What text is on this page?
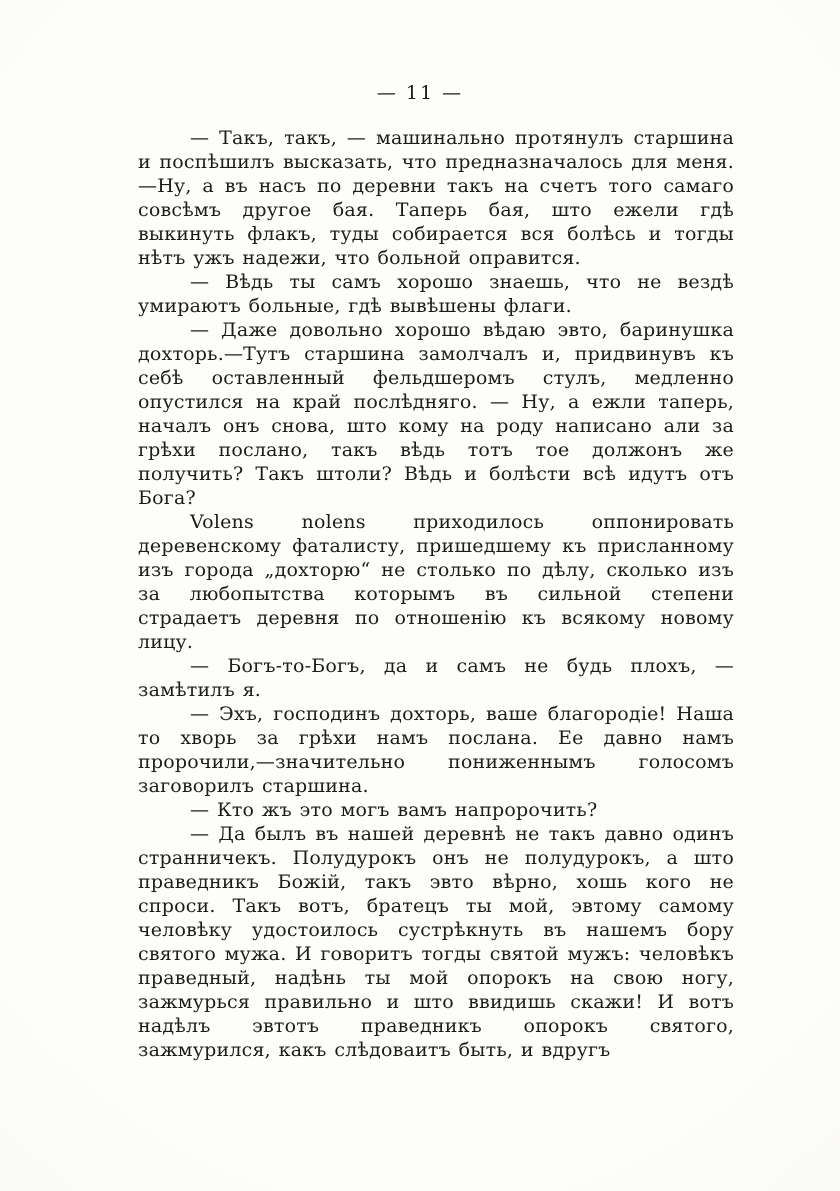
— 11 —

— Такъ, такъ, — машинально протянулъ старшина и поспѣшилъ высказать, что предназначалось для меня.—Ну, а въ насъ по деревни такъ на счетъ того самаго совсѣмъ другое бая. Таперь бая, што ежели гдѣ выкинуть флакъ, туды собирается вся болѣсь и тогды нѣтъ ужъ надежи, что больной оправится.

— Вѣдь ты самъ хорошо знаешь, что не вездѣ умираютъ больные, гдѣ вывѣшены флаги.

— Даже довольно хорошо вѣдаю эвто, баринушка дохторь.—Тутъ старшина замолчалъ и, придвинувъ къ себѣ оставленный фельдшеромъ стулъ, медленно опустился на край послѣдняго. — Ну, а ежли таперь, началъ онъ снова, што кому на роду написано али за грѣхи послано, такъ вѣдь тотъ тое должонъ же получить? Такъ штоли? Вѣдь и болѣсти всѣ идутъ отъ Бога?

Volens nolens приходилось оппонировать деревенскому фаталисту, пришедшему къ присланному изъ города „дохторю“ не столько по дѣлу, сколько изъ за любопытства которымъ въ сильной степени страдаетъ деревня по отношенію къ всякому новому лицу.

— Богъ-то-Богъ, да и самъ не будь плохъ, — замѣтилъ я.

— Эхъ, господинъ дохторь, ваше благородіе! Наша то хворь за грѣхи намъ послана. Ее давно намъ пророчили,—значительно пониженнымъ голосомъ заговорилъ старшина.

— Кто жъ это могъ вамъ напророчить?

— Да былъ въ нашей деревнѣ не такъ давно одинъ странничекъ. Полудурокъ онъ не полудурокъ, а што праведникъ Божій, такъ эвто вѣрно, хошь кого не спроси. Такъ вотъ, братецъ ты мой, эвтому самому человѣку удостоилось сустрѣкнуть въ нашемъ бору святого мужа. И говоритъ тогды святой мужъ: человѣкъ праведный, надѣнь ты мой опорокъ на свою ногу, зажмурься правильно и што ввидишь скажи! И вотъ надѣлъ эвтотъ праведникъ опорокъ святого, зажмурился, какъ слѣдоваитъ быть, и вдругъ
